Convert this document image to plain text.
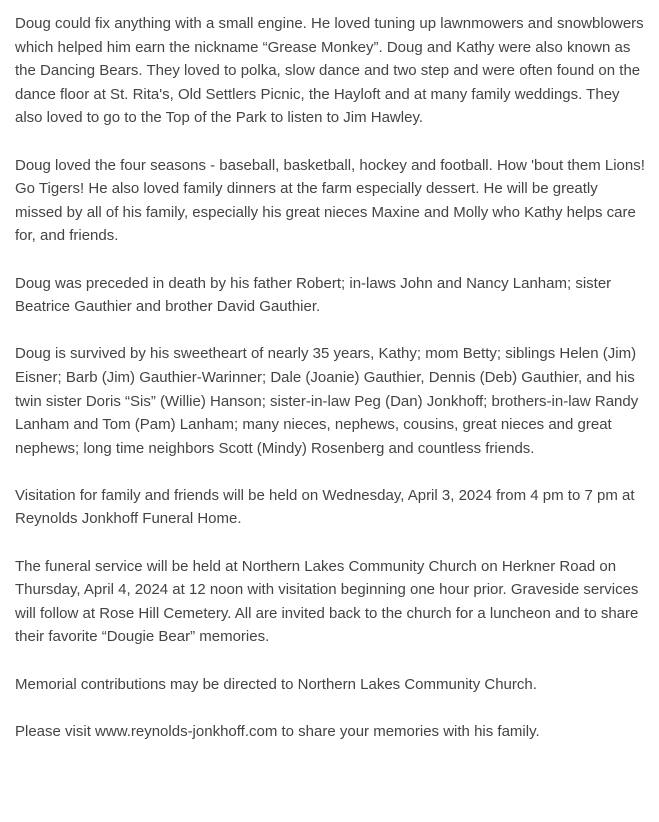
Doug could fix anything with a small engine. He loved tuning up lawnmowers and snowblowers which helped him earn the nickname “Grease Monkey”. Doug and Kathy were also known as the Dancing Bears. They loved to polka, slow dance and two step and were often found on the dance floor at St. Rita's, Old Settlers Picnic, the Hayloft and at many family weddings. They also loved to go to the Top of the Park to listen to Jim Hawley.

Doug loved the four seasons - baseball, basketball, hockey and football. How 'bout them Lions! Go Tigers! He also loved family dinners at the farm especially dessert. He will be greatly missed by all of his family, especially his great nieces Maxine and Molly who Kathy helps care for, and friends.

Doug was preceded in death by his father Robert; in-laws John and Nancy Lanham; sister Beatrice Gauthier and brother David Gauthier.

Doug is survived by his sweetheart of nearly 35 years, Kathy; mom Betty; siblings Helen (Jim) Eisner; Barb (Jim) Gauthier-Warinner; Dale (Joanie) Gauthier, Dennis (Deb) Gauthier, and his twin sister Doris “Sis” (Willie) Hanson; sister-in-law Peg (Dan) Jonkhoff; brothers-in-law Randy Lanham and Tom (Pam) Lanham; many nieces, nephews, cousins, great nieces and great nephews; long time neighbors Scott (Mindy) Rosenberg and countless friends.

Visitation for family and friends will be held on Wednesday, April 3, 2024 from 4 pm to 7 pm at Reynolds Jonkhoff Funeral Home.

The funeral service will be held at Northern Lakes Community Church on Herkner Road on Thursday, April 4, 2024 at 12 noon with visitation beginning one hour prior. Graveside services will follow at Rose Hill Cemetery. All are invited back to the church for a luncheon and to share their favorite “Dougie Bear” memories.

Memorial contributions may be directed to Northern Lakes Community Church.

Please visit www.reynolds-jonkhoff.com to share your memories with his family.
